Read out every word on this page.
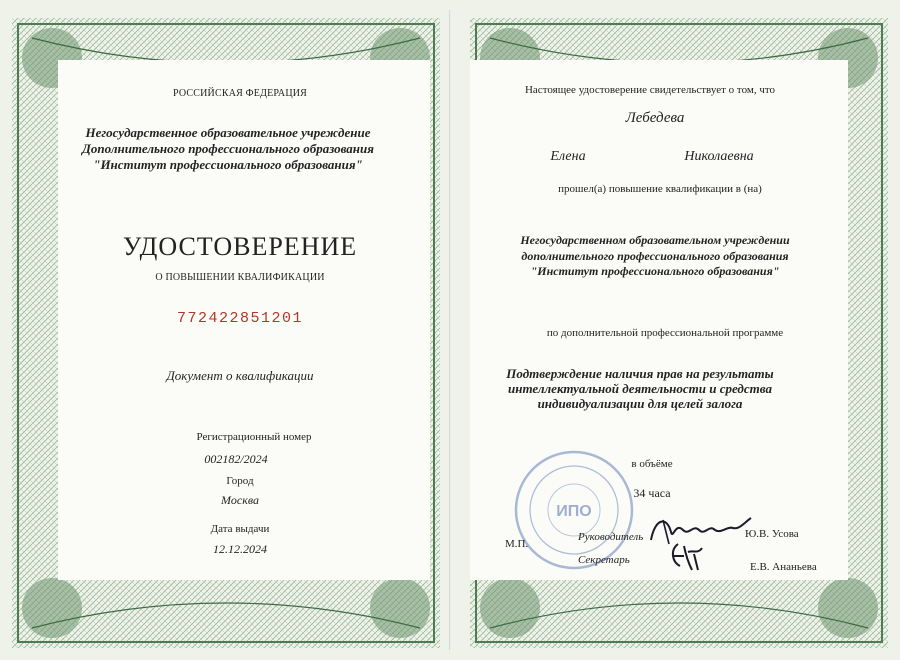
РОССИЙСКАЯ ФЕДЕРАЦИЯ
Негосударственное образовательное учреждение
Дополнительного профессионального образования
"Институт профессионального образования"
УДОСТОВЕРЕНИЕ
О ПОВЫШЕНИИ КВАЛИФИКАЦИИ
772422851201
Документ о квалификации
Регистрационный номер
002182/2024
Город
Москва
Дата выдачи
12.12.2024
Настоящее удостоверение свидетельствует о том, что
Лебедева
Елена	Николаевна
прошел(а) повышение квалификации в (на)
Негосударственном образовательном учреждении
дополнительного профессионального образования
"Институт профессионального образования"
по дополнительной профессиональной программе
Подтверждение наличия прав на результаты
интеллектуальной деятельности и средства
индивидуализации для целей залога
в объёме
34 часа
ИПО
М.П.
Руководитель	Ю.В. Усова
Секретарь
Е.В. Ананьева
